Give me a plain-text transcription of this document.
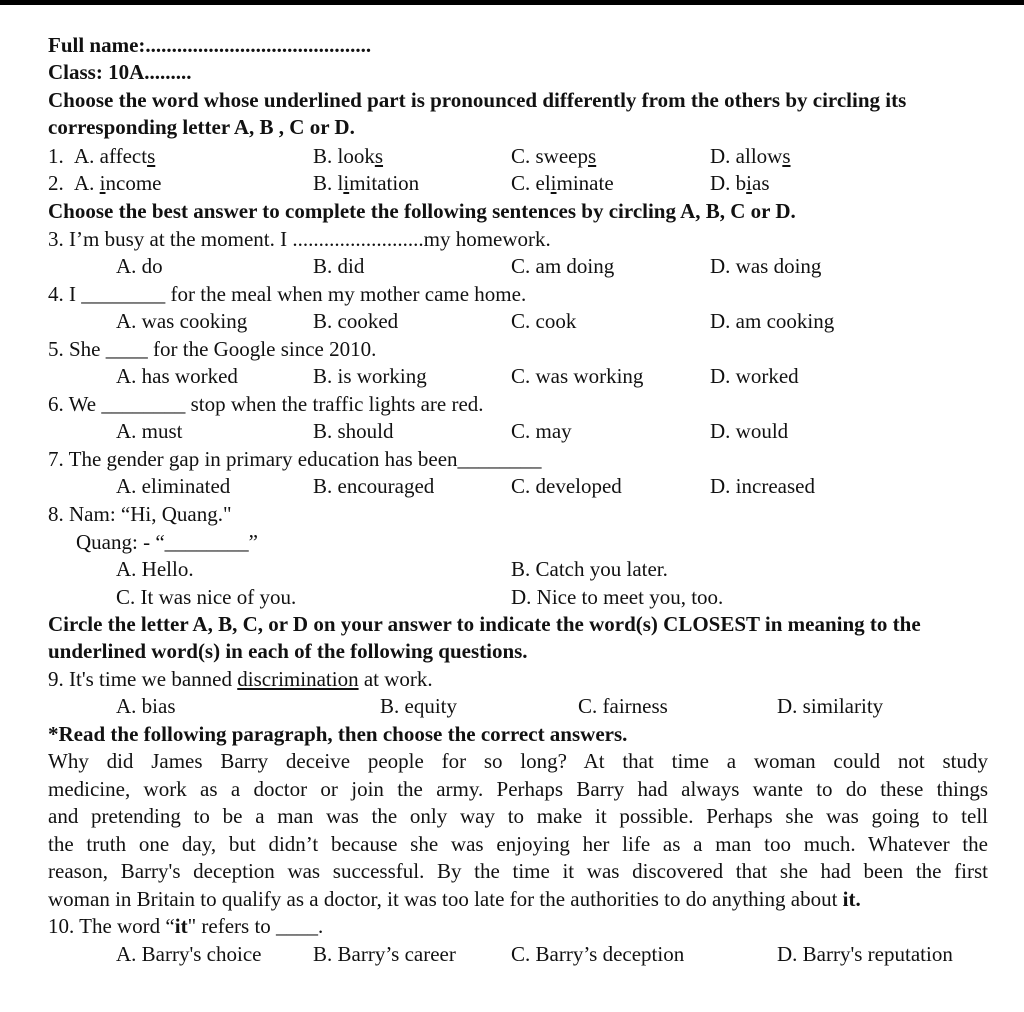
Full name:...........................................
Class: 10A.........
Choose the word whose underlined part is pronounced differently from the others by circling its corresponding letter A, B , C or D.
1. A. affects	B. looks	C. sweeps	D. allows
2. A. income	B. limitation	C. eliminate	D. bias
Choose the best answer to complete the following sentences by circling A, B, C or D.
3. I’m busy at the moment. I .........................my homework.
A. do	B. did	C. am doing	D. was doing
4. I ________ for the meal when my mother came home.
A. was cooking	B. cooked	C. cook	D. am cooking
5. She ____ for the Google since 2010.
A. has worked	B. is working	C. was working	D. worked
6. We ________ stop when the traffic lights are red.
A. must	B. should	C. may	D. would
7. The gender gap in primary education has been________
A. eliminated	B. encouraged	C. developed	D. increased
8. Nam: “Hi, Quang."
Quang: - “________”
A. Hello.	B. Catch you later.
C. It was nice of you.	D. Nice to meet you, too.
Circle the letter A, B, C, or D on your answer to indicate the word(s) CLOSEST in meaning to the underlined word(s) in each of the following questions.
9. It's time we banned discrimination at work.
A. bias	B. equity	C. fairness	D. similarity
*Read the following paragraph, then choose the correct answers.
Why did James Barry deceive people for so long? At that time a woman could not study
medicine, work as a doctor or join the army. Perhaps Barry had always wante to do these things
and pretending to be a man was the only way to make it possible. Perhaps she was going to tell
the truth one day, but didn’t because she was enjoying her life as a man too much. Whatever the
reason, Barry's deception was successful. By the time it was discovered that she had been the first
woman in Britain to qualify as a doctor, it was too late for the authorities to do anything about it.
10. The word “it" refers to ____.
A. Barry's choice B. Barry’s career	C. Barry’s deception	D. Barry's reputation
